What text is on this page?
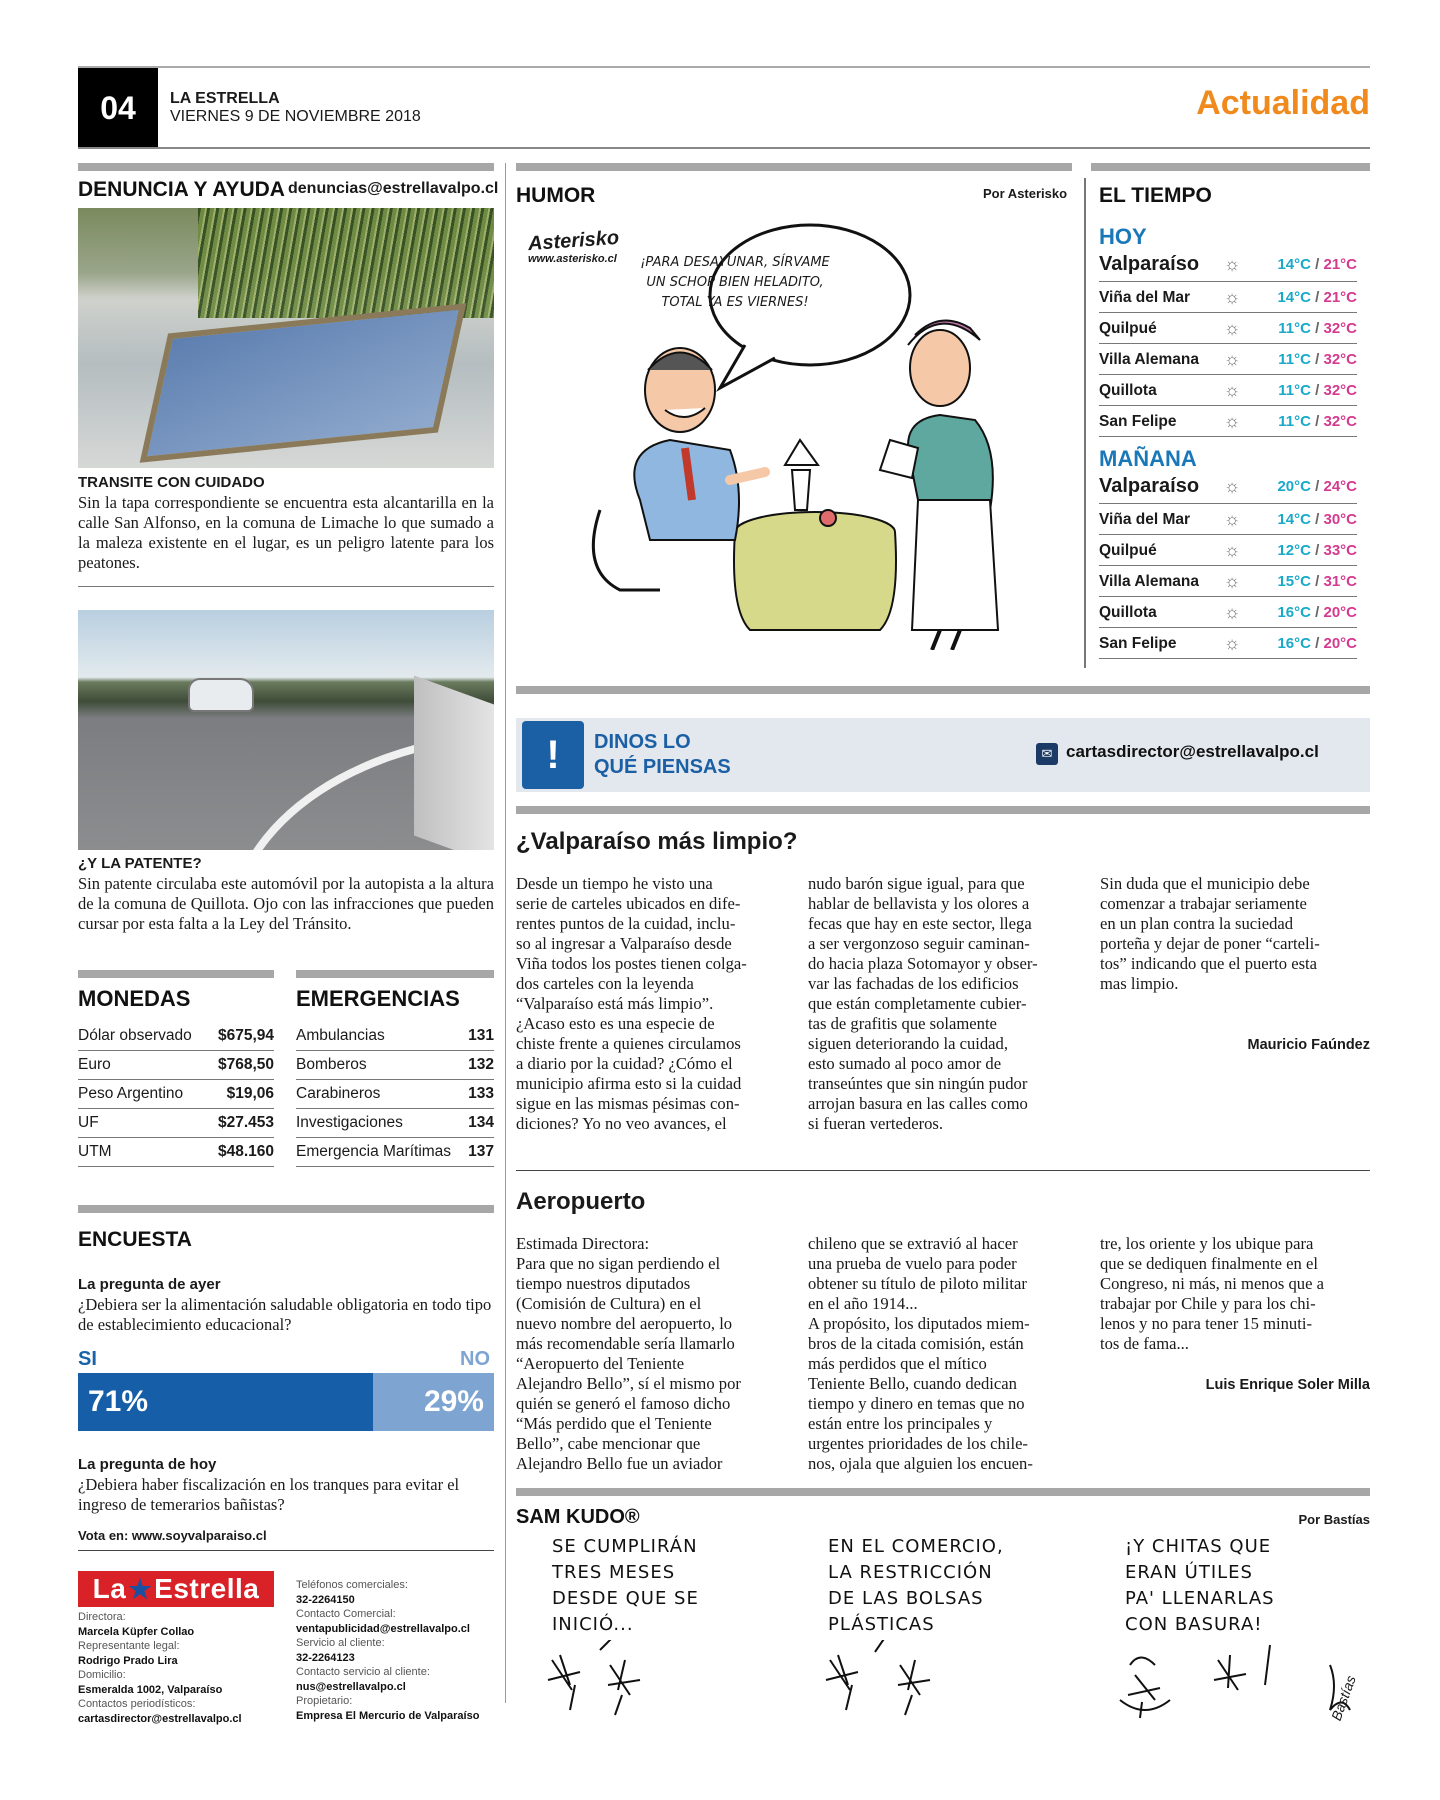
04	LA ESTRELLA
VIERNES 9 DE NOVIEMBRE 2018	Actualidad
DENUNCIA Y AYUDA denuncias@estrellavalpo.cl
TRANSITE CON CUIDADO
Sin la tapa correspondiente se encuentra esta alcantarilla en la calle San Alfonso, en la comuna de Limache lo que sumado a la maleza existente en el lugar, es un peligro latente para los peatones.
¿Y LA PATENTE?
Sin patente circulaba este automóvil por la autopista a la altura de la comuna de Quillota. Ojo con las infracciones que pueden cursar por esta falta a la Ley del Tránsito.
MONEDAS
Dólar observado $675,94
Euro	$768,50
Peso Argentino	$19,06
UF	$27.453
UTM	$48.160
EMERGENCIAS
Ambulancias	131
Bomberos	132
Carabineros	133
Investigaciones	134
Emergencia Marítimas 137
ENCUESTA
La pregunta de ayer
¿Debiera ser la alimentación saludable obligatoria en todo tipo de establecimiento educacional?
SI	NO
71%	29%
La pregunta de hoy
¿Debiera haber fiscalización en los tranques para evitar el ingreso de temerarios bañistas?
Vota en: www.soyvalparaiso.cl
La ★ Estrella
Directora:
Marcela Küpfer Collao
Representante legal:
Rodrigo Prado Lira
Domicilio:
Esmeralda 1002, Valparaíso
Contactos periodísticos:
cartasdirector@estrellavalpo.cl
Teléfonos comerciales:
32-2264150
Contacto Comercial:
ventapublicidad@estrellavalpo.cl
Servicio al cliente:
32-2264123
Contacto servicio al cliente:
nus@estrellavalpo.cl
Propietario:
Empresa El Mercurio de Valparaíso
HUMOR	Por Asterisko
Asterisko
www.asterisko.cl	¡PARA DESAYUNAR, SÍRVAME UN SCHOP BIEN HELADITO, TOTAL YA ES VIERNES!
EL TIEMPO
HOY
Valparaíso	☼	14°C / 21°C
Viña del Mar	☼	14°C / 21°C
Quilpué	☼	11°C / 32°C
Villa Alemana	☼	11°C / 32°C
Quillota	☼	11°C / 32°C
San Felipe	☼	11°C / 32°C
MAÑANA
Valparaíso	☼	20°C / 24°C
Viña del Mar	☼	14°C / 30°C
Quilpué	☼	12°C / 33°C
Villa Alemana	☼	15°C / 31°C
Quillota	☼	16°C / 20°C
San Felipe	☼	16°C / 20°C
!	DINOS LO
QUÉ PIENSAS
✉ cartasdirector@estrellavalpo.cl
¿Valparaíso más limpio?
Desde un tiempo he visto una
serie de carteles ubicados en dife-
rentes puntos de la cuidad, inclu-
so al ingresar a Valparaíso desde
Viña todos los postes tienen colga-
dos carteles con la leyenda
“Valparaíso está más limpio”.
¿Acaso esto es una especie de
chiste frente a quienes circulamos
a diario por la cuidad? ¿Cómo el
municipio afirma esto si la cuidad
sigue en las mismas pésimas con-
diciones? Yo no veo avances, el
nudo barón sigue igual, para que
hablar de bellavista y los olores a
fecas que hay en este sector, llega
a ser vergonzoso seguir caminan-
do hacia plaza Sotomayor y obser-
var las fachadas de los edificios
que están completamente cubier-
tas de grafitis que solamente
siguen deteriorando la cuidad,
esto sumado al poco amor de
transeúntes que sin ningún pudor
arrojan basura en las calles como
si fueran vertederos.
Sin duda que el municipio debe
comenzar a trabajar seriamente
en un plan contra la suciedad
porteña y dejar de poner “carteli-
tos” indicando que el puerto esta
mas limpio.
Mauricio Faúndez
Aeropuerto
Estimada Directora:
Para que no sigan perdiendo el
tiempo nuestros diputados
(Comisión de Cultura) en el
nuevo nombre del aeropuerto, lo
más recomendable sería llamarlo
“Aeropuerto del Teniente
Alejandro Bello”, sí el mismo por
quién se generó el famoso dicho
“Más perdido que el Teniente
Bello”, cabe mencionar que
Alejandro Bello fue un aviador
chileno que se extravió al hacer
una prueba de vuelo para poder
obtener su título de piloto militar
en el año 1914...
A propósito, los diputados miem-
bros de la citada comisión, están
más perdidos que el mítico
Teniente Bello, cuando dedican
tiempo y dinero en temas que no
están entre los principales y
urgentes prioridades de los chile-
nos, ojala que alguien los encuen-
tre, los oriente y los ubique para
que se dediquen finalmente en el
Congreso, ni más, ni menos que a
trabajar por Chile y para los chi-
lenos y no para tener 15 minuti-
tos de fama...
Luis Enrique Soler Milla
SAM KUDO®	Por Bastías
SE CUMPLIRÁN
TRES MESES
DESDE QUE SE
INICIÓ...
EN EL COMERCIO,
LA RESTRICCIÓN
DE LAS BOLSAS
PLÁSTICAS
¡Y CHITAS QUE
ERAN ÚTILES
PA' LLENARLAS
CON BASURA!
Bastías
